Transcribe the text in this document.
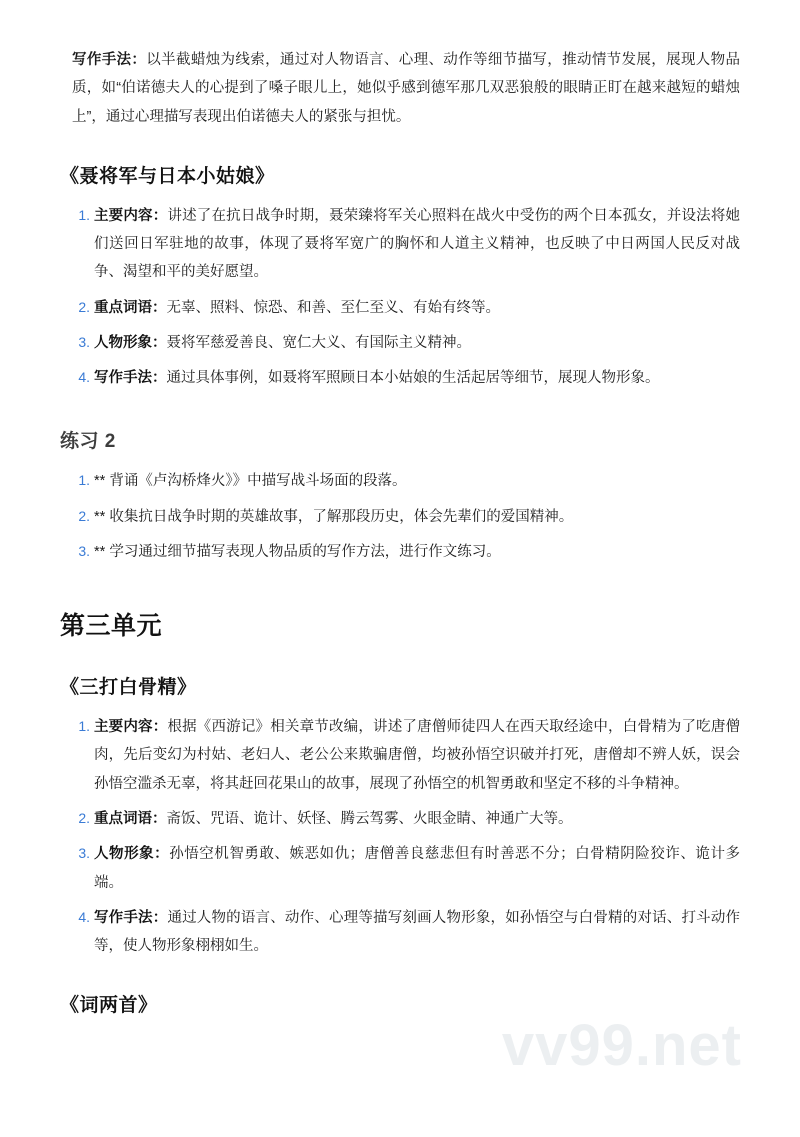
写作手法：以半截蜡烛为线索，通过对人物语言、心理、动作等细节描写，推动情节发展，展现人物品质，如“伯诺德夫人的心提到了嗓子眼儿上，她似乎感到德军那几双恶狼般的眼睛正盯在越来越短的蜡烛上”，通过心理描写表现出伯诺德夫人的紧张与担忧。

《聂将军与日本小姑娘》
主要内容：讲述了在抗日战争时期，聂荣臻将军关心照料在战火中受伤的两个日本孤女，并设法将她们送回日军驻地的故事，体现了聂将军宽广的胸怀和人道主义精神，也反映了中日两国人民反对战争、渴望和平的美好愿望。
重点词语：无辜、照料、惊恐、和善、至仁至义、有始有终等。
人物形象：聂将军慈爱善良、宽仁大义、有国际主义精神。
写作手法：通过具体事例，如聂将军照顾日本小姑娘的生活起居等细节，展现人物形象。
练习 2
** 背诵《卢沟桥烽火》》中描写战斗场面的段落。
** 收集抗日战争时期的英雄故事，了解那段历史，体会先辈们的爱国精神。
** 学习通过细节描写表现人物品质的写作方法，进行作文练习。
第三单元
《三打白骨精》
主要内容：根据《西游记》相关章节改编，讲述了唐僧师徒四人在西天取经途中，白骨精为了吃唐僧肉，先后变幻为村姑、老妇人、老公公来欺骗唐僧，均被孙悟空识破并打死，唐僧却不辨人妖，误会孙悟空滥杀无辜，将其赶回花果山的故事，展现了孙悟空的机智勇敢和坚定不移的斗争精神。
重点词语：斋饭、咒语、诡计、妖怪、腾云驾雾、火眼金睛、神通广大等。
人物形象：孙悟空机智勇敢、嫉恶如仇；唐僧善良慈悲但有时善恶不分；白骨精阴险狡诈、诡计多端。
写作手法：通过人物的语言、动作、心理等描写刻画人物形象，如孙悟空与白骨精的对话、打斗动作等，使人物形象栩栩如生。
《词两首》
vv99.net
